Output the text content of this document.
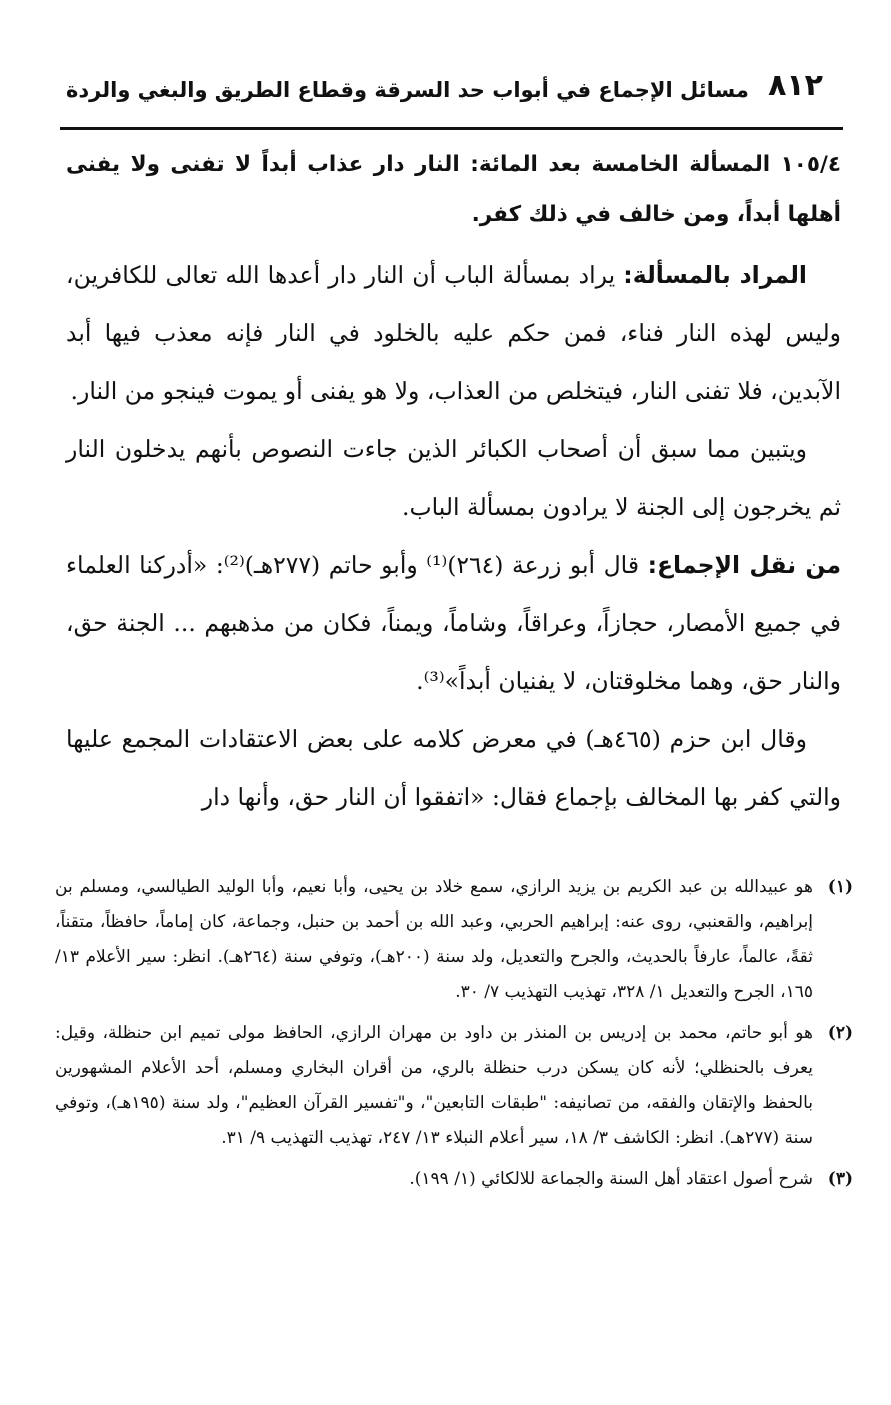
٨١٢
مسائل الإجماع في أبواب حد السرقة وقطاع الطريق والبغي والردة

١٠٥/٤ المسألة الخامسة بعد المائة: النار دار عذاب أبداً لا تفنى ولا يفنى أهلها أبداً، ومن خالف في ذلك كفر.

المراد بالمسألة: يراد بمسألة الباب أن النار دار أعدها الله تعالى للكافرين، وليس لهذه النار فناء، فمن حكم عليه بالخلود في النار فإنه معذب فيها أبد الآبدين، فلا تفنى النار، فيتخلص من العذاب، ولا هو يفنى أو يموت فينجو من النار.

ويتبين مما سبق أن أصحاب الكبائر الذين جاءت النصوص بأنهم يدخلون النار ثم يخرجون إلى الجنة لا يرادون بمسألة الباب.

من نقل الإجماع: قال أبو زرعة (٢٦٤)⁽¹⁾ وأبو حاتم (٢٧٧هـ)⁽²⁾: «أدركنا العلماء في جميع الأمصار، حجازاً، وعراقاً، وشاماً، ويمناً، فكان من مذهبهم ... الجنة حق، والنار حق، وهما مخلوقتان، لا يفنيان أبداً»⁽³⁾.

وقال ابن حزم (٤٦٥هـ) في معرض كلامه على بعض الاعتقادات المجمع عليها والتي كفر بها المخالف بإجماع فقال: «اتفقوا أن النار حق، وأنها دار

(١)
هو عبيدالله بن عبد الكريم بن يزيد الرازي، سمع خلاد بن يحيى، وأبا نعيم، وأبا الوليد الطيالسي، ومسلم بن إبراهيم، والقعنبي، روى عنه: إبراهيم الحربي، وعبد الله بن أحمد بن حنبل، وجماعة، كان إماماً، حافظاً، متقناً، ثقةً، عالماً، عارفاً بالحديث، والجرح والتعديل، ولد سنة (٢٠٠هـ)، وتوفي سنة (٢٦٤هـ). انظر: سير الأعلام ١٣/ ١٦٥، الجرح والتعديل ١/ ٣٢٨، تهذيب التهذيب ٧/ ٣٠.
(٢)
هو أبو حاتم، محمد بن إدريس بن المنذر بن داود بن مهران الرازي، الحافظ مولى تميم ابن حنظلة، وقيل: يعرف بالحنظلي؛ لأنه كان يسكن درب حنظلة بالري، من أقران البخاري ومسلم، أحد الأعلام المشهورين بالحفظ والإتقان والفقه، من تصانيفه: "طبقات التابعين"، و"تفسير القرآن العظيم"، ولد سنة (١٩٥هـ)، وتوفي سنة (٢٧٧هـ). انظر: الكاشف ٣/ ١٨، سير أعلام النبلاء ١٣/ ٢٤٧، تهذيب التهذيب ٩/ ٣١.
(٣)
شرح أصول اعتقاد أهل السنة والجماعة للالكائي (١/ ١٩٩).
